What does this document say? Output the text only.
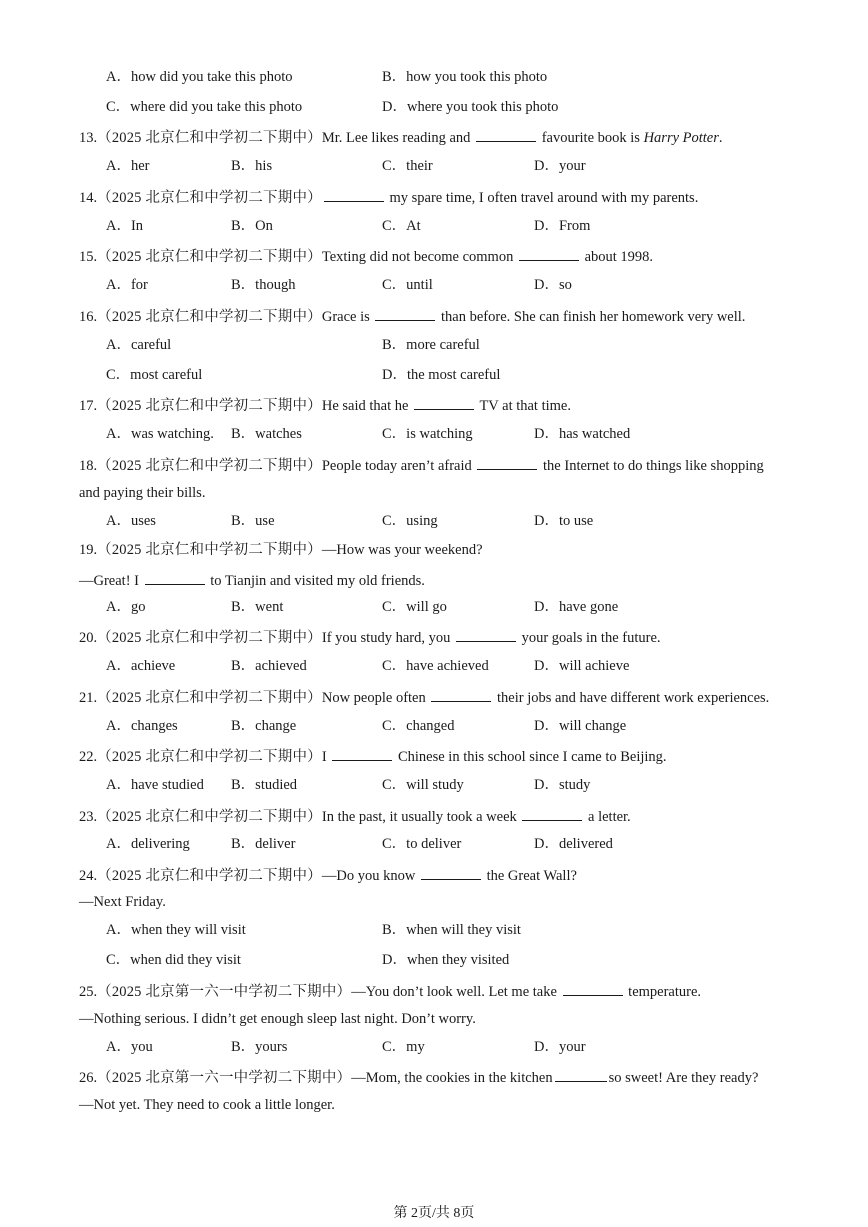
A．how did you take this photo	B．how you took this photo
C．where did you take this photo	D．where you took this photo
13.（2025 北京仁和中学初二下期中）Mr. Lee likes reading and	favourite book is Harry Potter.
A．her	B．his	C．their	D．your
14.（2025 北京仁和中学初二下期中）	my spare time, I often travel around with my parents.
A．In	B．On	C．At	D．From
15.（2025 北京仁和中学初二下期中）Texting did not become common	about 1998.
A．for	B．though	C．until	D．so
16.（2025 北京仁和中学初二下期中）Grace is	than before. She can finish her homework very well.
A．careful	B．more careful
C．most careful	D．the most careful
17.（2025 北京仁和中学初二下期中）He said that he	TV at that time.
A．was watching. B．watches	C．is watching	D．has watched
18.（2025 北京仁和中学初二下期中）People today aren’t afraid	the Internet to do things like shopping
and paying their bills.
A．uses	B．use	C．using	D．to use
19.（2025 北京仁和中学初二下期中）—How was your weekend?
—Great! I	to Tianjin and visited my old friends.
A．go	B．went	C．will go	D．have gone
20.（2025 北京仁和中学初二下期中）If you study hard, you	your goals in the future.
A．achieve	B．achieved	C．have achieved	D．will achieve
21.（2025 北京仁和中学初二下期中）Now people often	their jobs and have different work experiences.
A．changes	B．change	C．changed	D．will change
22.（2025 北京仁和中学初二下期中）I	Chinese in this school since I came to Beijing.
A．have studied B．studied	C．will study	D．study
23.（2025 北京仁和中学初二下期中）In the past, it usually took a week	a letter.
A．delivering	B．deliver	C．to deliver	D．delivered
24.（2025 北京仁和中学初二下期中）—Do you know	the Great Wall?
—Next Friday.
A．when they will visit	B．when will they visit
C．when did they visit	D．when they visited
25.（2025 北京第一六一中学初二下期中）—You don’t look well. Let me take	temperature.
—Nothing serious. I didn’t get enough sleep last night. Don’t worry.
A．you	B．yours	C．my	D．your
26.（2025 北京第一六一中学初二下期中）—Mom, the cookies in the kitchen	so sweet! Are they ready?
—Not yet. They need to cook a little longer.
第 2页/共 8页
